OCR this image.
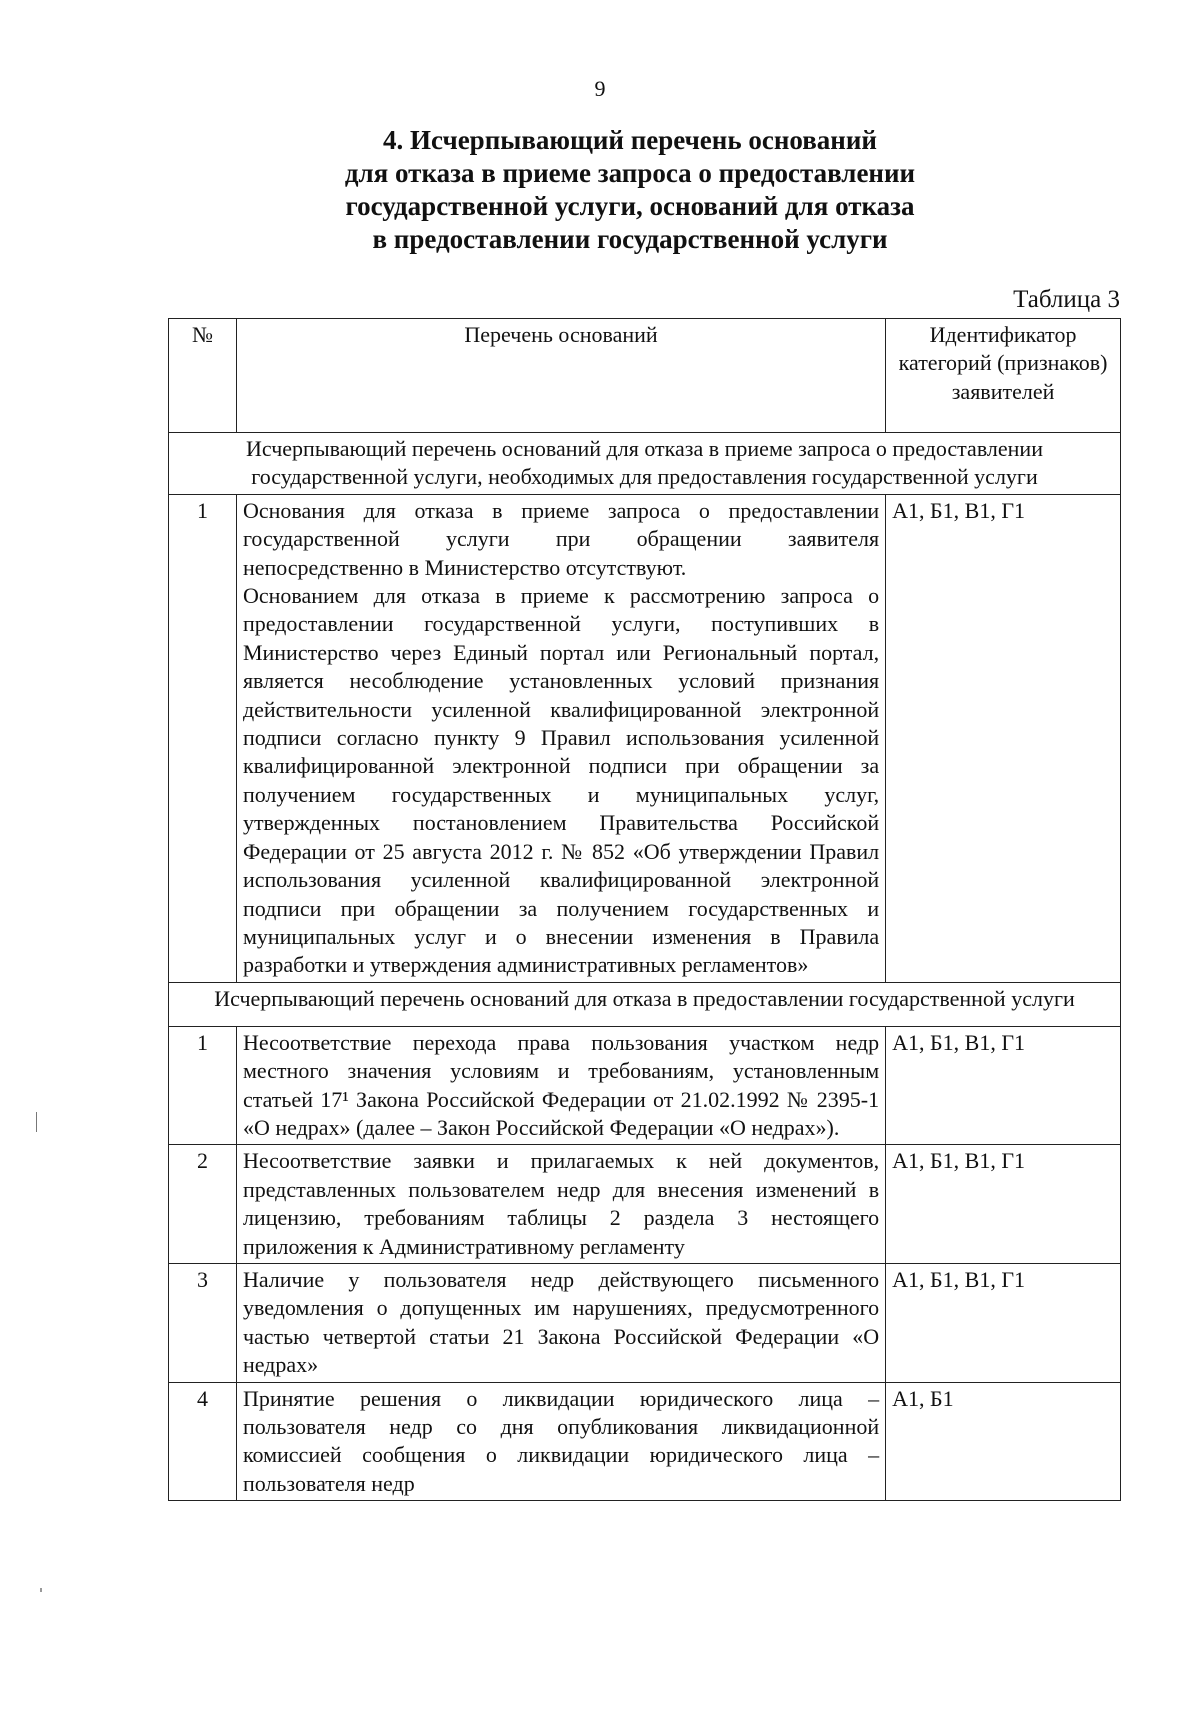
9
4. Исчерпывающий перечень оснований
для отказа в приеме запроса о предоставлении
государственной услуги, оснований для отказа
в предоставлении государственной услуги
Таблица 3
№	Перечень оснований	Идентификатор категорий (признаков) заявителей
Исчерпывающий перечень оснований для отказа в приеме запроса о предоставлении государственной услуги, необходимых для предоставления государственной услуги		
1	Основания для отказа в приеме запроса о предоставлении государственной услуги при обращении заявителя непосредственно в Министерство отсутствуют.

Основанием для отказа в приеме к рассмотрению запроса о предоставлении государственной услуги, поступивших в Министерство через Единый портал или Региональный портал, является несоблюдение установленных условий признания действительности усиленной квалифицированной электронной подписи согласно пункту 9 Правил использования усиленной квалифицированной электронной подписи при обращении за получением государственных и муниципальных услуг, утвержденных постановлением Правительства Российской Федерации от 25 августа 2012 г. № 852 «Об утверждении Правил использования усиленной квалифицированной электронной подписи при обращении за получением государственных и муниципальных услуг и о внесении изменения в Правила разработки и утверждения административных регламентов»	А1, Б1, В1, Г1
Исчерпывающий перечень оснований для отказа в предоставлении государственной услуги		
1	Несоответствие перехода права пользования участком недр местного значения условиям и требованиям, установленным статьей 17¹ Закона Российской Федерации от 21.02.1992 № 2395-1 «О недрах» (далее – Закон Российской Федерации «О недрах»).	А1, Б1, В1, Г1
2	Несоответствие заявки и прилагаемых к ней документов, представленных пользователем недр для внесения изменений в лицензию, требованиям таблицы 2 раздела 3 нестоящего приложения к Административному регламенту	А1, Б1, В1, Г1
3	Наличие у пользователя недр действующего письменного уведомления о допущенных им нарушениях, предусмотренного частью четвертой статьи 21 Закона Российской Федерации «О недрах»	А1, Б1, В1, Г1
4	Принятие решения о ликвидации юридического лица – пользователя недр со дня опубликования ликвидационной комиссией сообщения о ликвидации юридического лица – пользователя недр	А1, Б1
